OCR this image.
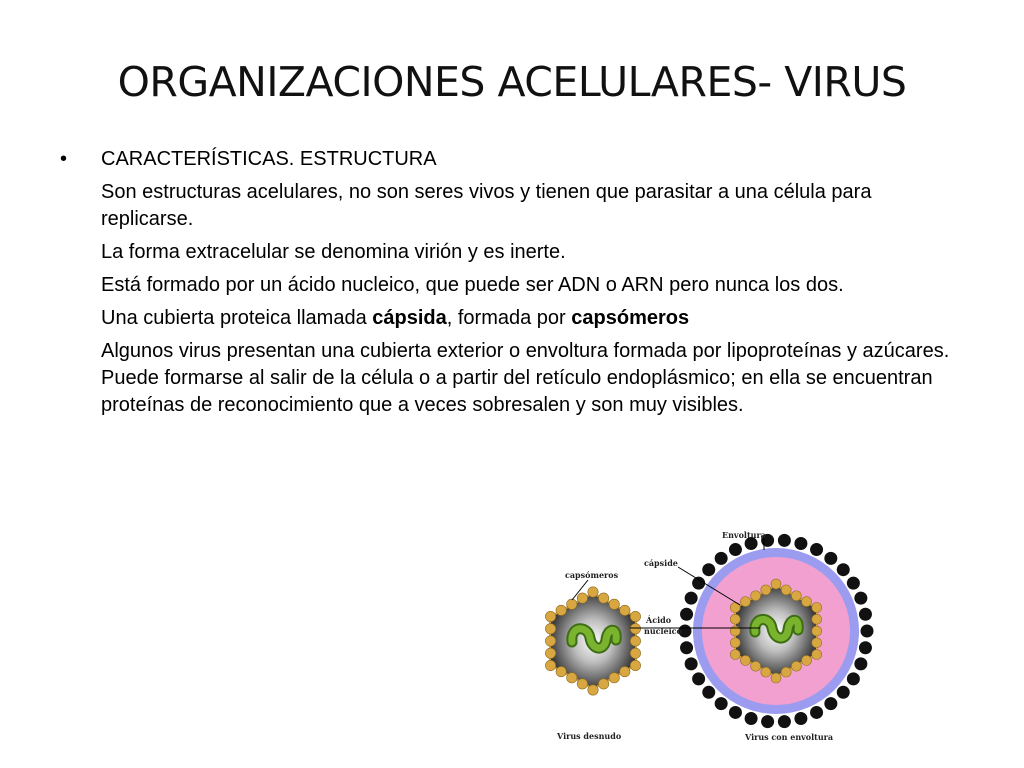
ORGANIZACIONES ACELULARES- VIRUS
•	CARACTERÍSTICAS. ESTRUCTURA

Son estructuras acelulares, no son seres vivos y tienen que parasitar a una célula para replicarse.

La forma extracelular se denomina virión y es inerte.

Está formado por un ácido nucleico, que puede ser ADN o ARN pero nunca los dos.

Una cubierta proteica llamada cápsida, formada por capsómeros

Algunos virus presentan una cubierta exterior o envoltura formada por lipoproteínas y azúcares. Puede formarse al salir de la célula o a partir del retículo endoplásmico; en ella se encuentran proteínas de reconocimiento que a veces sobresalen y son muy visibles.

capsómeros
Envoltura
cápside
Ácido
nucleico
Virus desnudo	Virus con envoltura
